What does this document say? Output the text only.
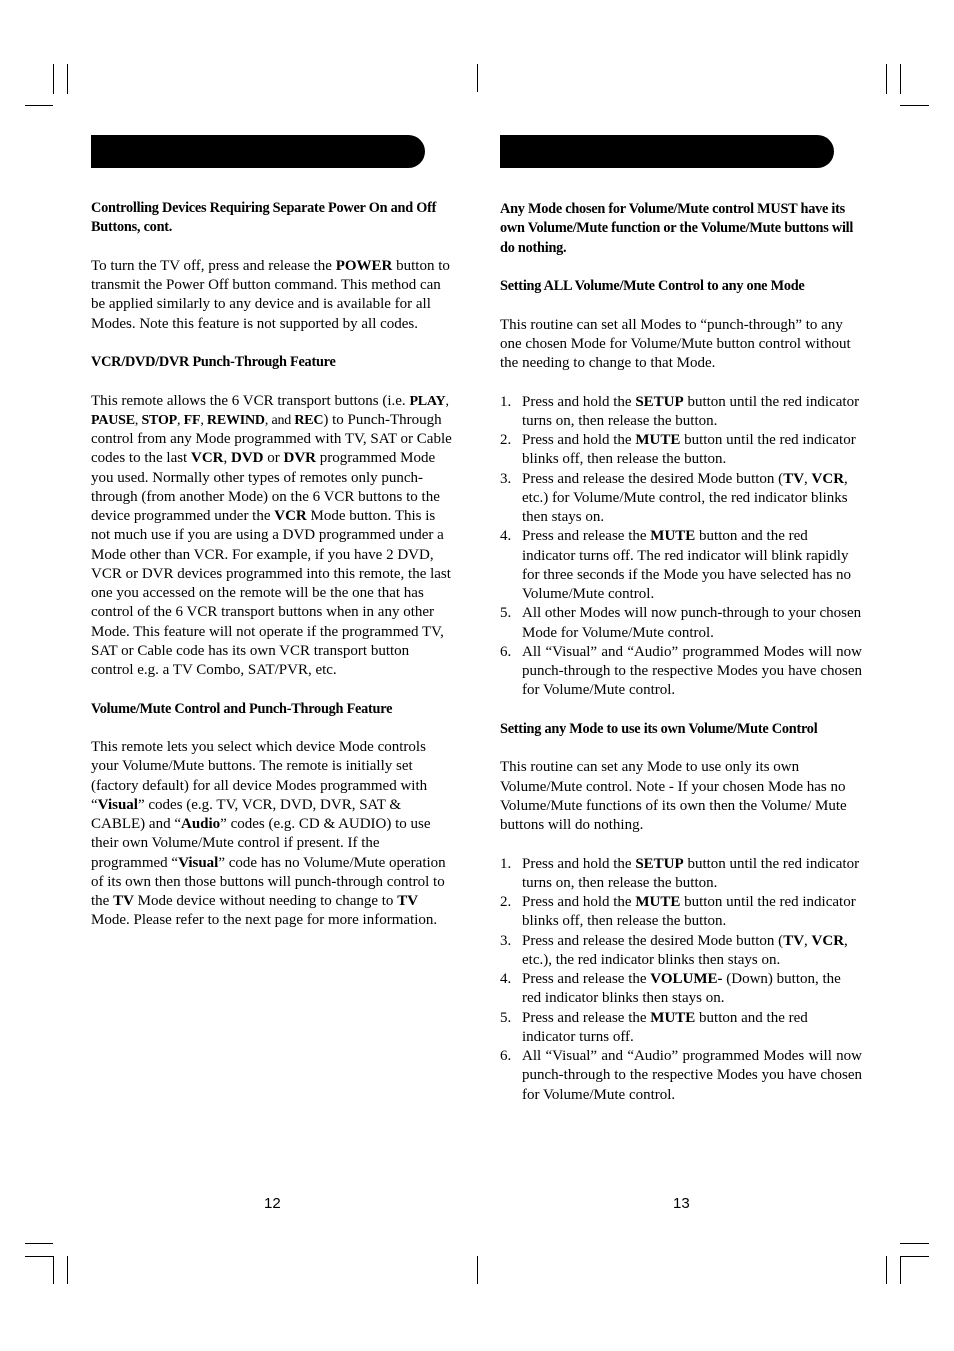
Controlling Devices Requiring Separate Power On and Off Buttons, cont.

To turn the TV off, press and release the POWER button to transmit the Power Off button command. This method can be applied similarly to any device and is available for all Modes. Note this feature is not supported by all codes.

VCR/DVD/DVR Punch-Through Feature

This remote allows the 6 VCR transport buttons (i.e. PLAY, PAUSE, STOP, FF, REWIND, and REC) to Punch-Through control from any Mode programmed with TV, SAT or Cable codes to the last VCR, DVD or DVR programmed Mode you used. Normally other types of remotes only punch-through (from another Mode) on the 6 VCR buttons to the device programmed under the VCR Mode button. This is not much use if you are using a DVD programmed under a Mode other than VCR. For example, if you have 2 DVD, VCR or DVR devices programmed into this remote, the last one you accessed on the remote will be the one that has control of the 6 VCR transport buttons when in any other Mode. This feature will not operate if the programmed TV, SAT or Cable code has its own VCR transport button control e.g. a TV Combo, SAT/PVR, etc.

Volume/Mute Control and Punch-Through Feature

This remote lets you select which device Mode controls your Volume/Mute buttons. The remote is initially set (factory default) for all device Modes programmed with “Visual” codes (e.g. TV, VCR, DVD, DVR, SAT & CABLE) and “Audio” codes (e.g. CD & AUDIO) to use their own Volume/Mute control if present. If the programmed “Visual” code has no Volume/Mute operation of its own then those buttons will punch-through control to the TV Mode device without needing to change to TV Mode. Please refer to the next page for more information.

Any Mode chosen for Volume/Mute control MUST have its own Volume/Mute function or the Volume/Mute buttons will do nothing.

Setting ALL Volume/Mute Control to any one Mode

This routine can set all Modes to “punch-through” to any one chosen Mode for Volume/Mute button control without the needing to change to that Mode.

1. Press and hold the SETUP button until the red indicator turns on, then release the button.
2. Press and hold the MUTE button until the red indicator blinks off, then release the button.
3. Press and release the desired Mode button (TV, VCR, etc.) for Volume/Mute control, the red indicator blinks then stays on.
4. Press and release the MUTE button and the red indicator turns off. The red indicator will blink rapidly for three seconds if the Mode you have selected has no Volume/Mute control.
5. All other Modes will now punch-through to your chosen Mode for Volume/Mute control.
6. All “Visual” and “Audio” programmed Modes will now punch-through to the respective Modes you have chosen for Volume/Mute control.

Setting any Mode to use its own Volume/Mute Control

This routine can set any Mode to use only its own Volume/Mute control. Note - If your chosen Mode has no Volume/Mute functions of its own then the Volume/ Mute buttons will do nothing.

1. Press and hold the SETUP button until the red indicator turns on, then release the button.
2. Press and hold the MUTE button until the red indicator blinks off, then release the button.
3. Press and release the desired Mode button (TV, VCR, etc.), the red indicator blinks then stays on.
4. Press and release the VOLUME- (Down) button, the red indicator blinks then stays on.
5. Press and release the MUTE button and the red indicator turns off.
6. All “Visual” and “Audio” programmed Modes will now punch-through to the respective Modes you have chosen for Volume/Mute control.
12	13
